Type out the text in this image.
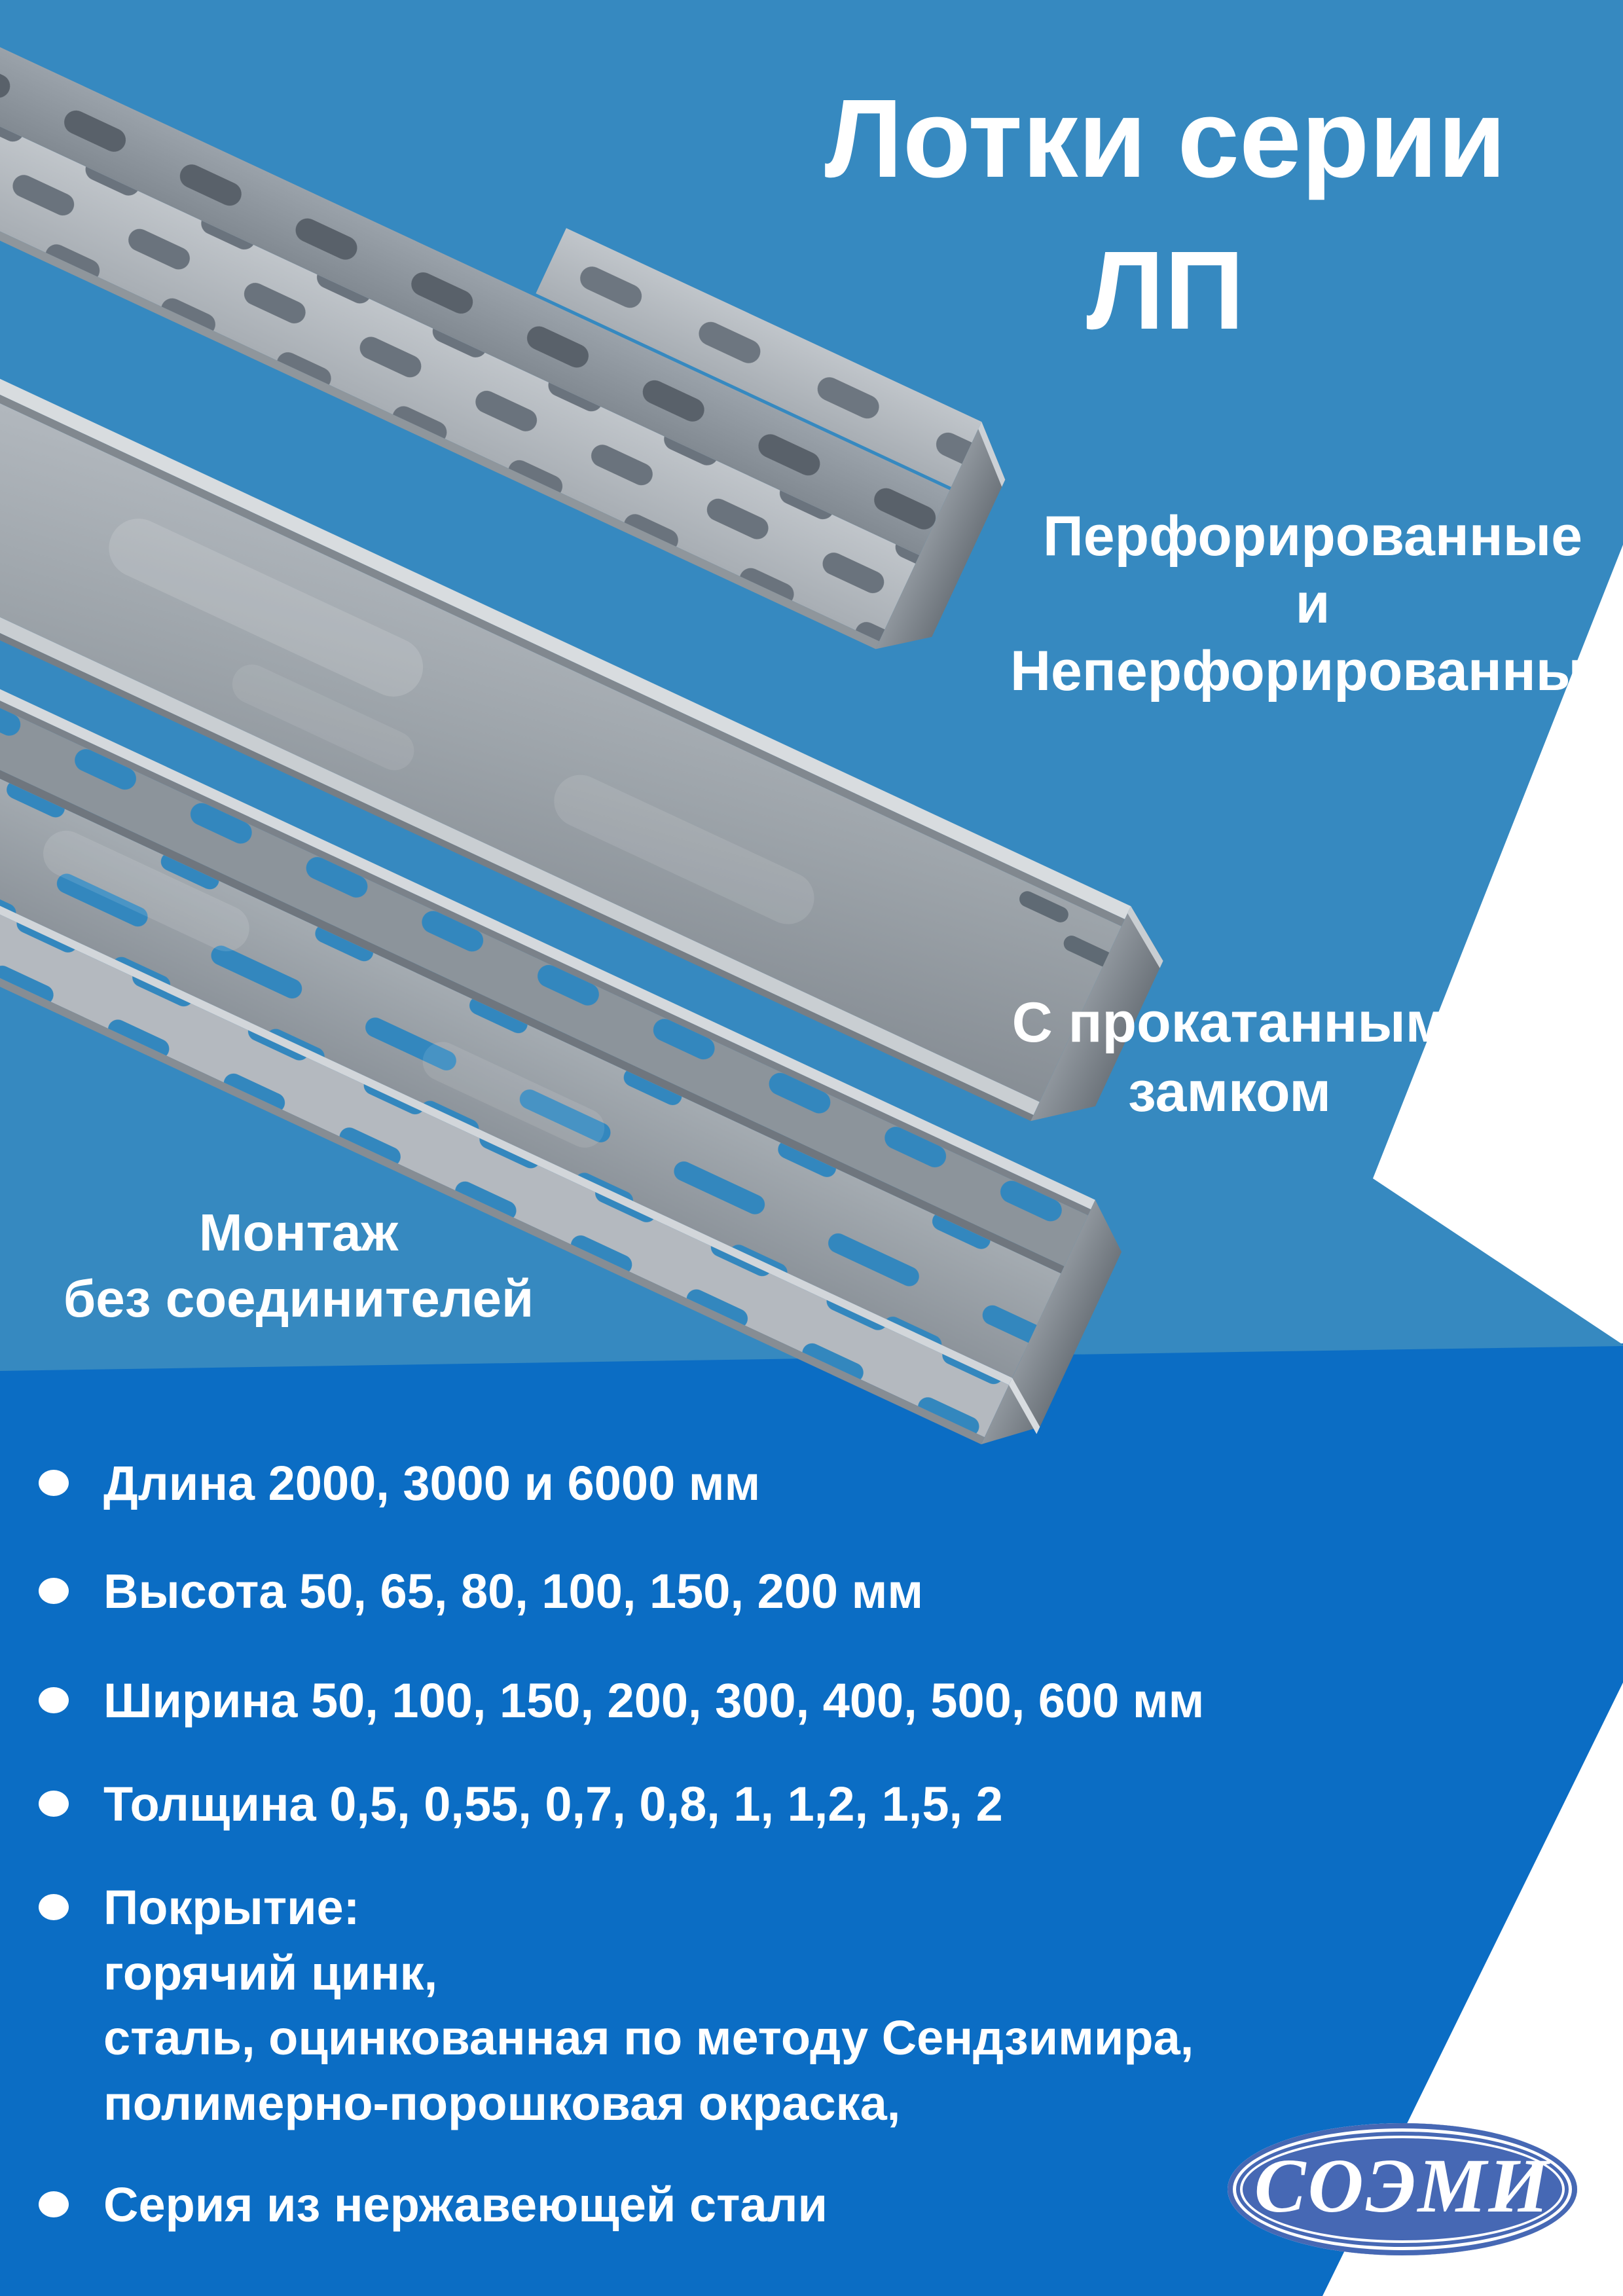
Лотки серии
ЛП
Перфорированные
и
Неперфорированные
С прокатанным
замком
Монтаж
без соединителей
Длина 2000, 3000 и 6000 мм
Высота 50, 65, 80, 100, 150, 200 мм
Ширина 50, 100, 150, 200, 300, 400, 500, 600 мм
Толщина 0,5, 0,55, 0,7, 0,8, 1, 1,2, 1,5, 2
Покрытие:
горячий цинк,
сталь, оцинкованная по методу Сендзимира,
полимерно-порошковая окраска,
Серия из нержавеющей стали	СОЭМИ
